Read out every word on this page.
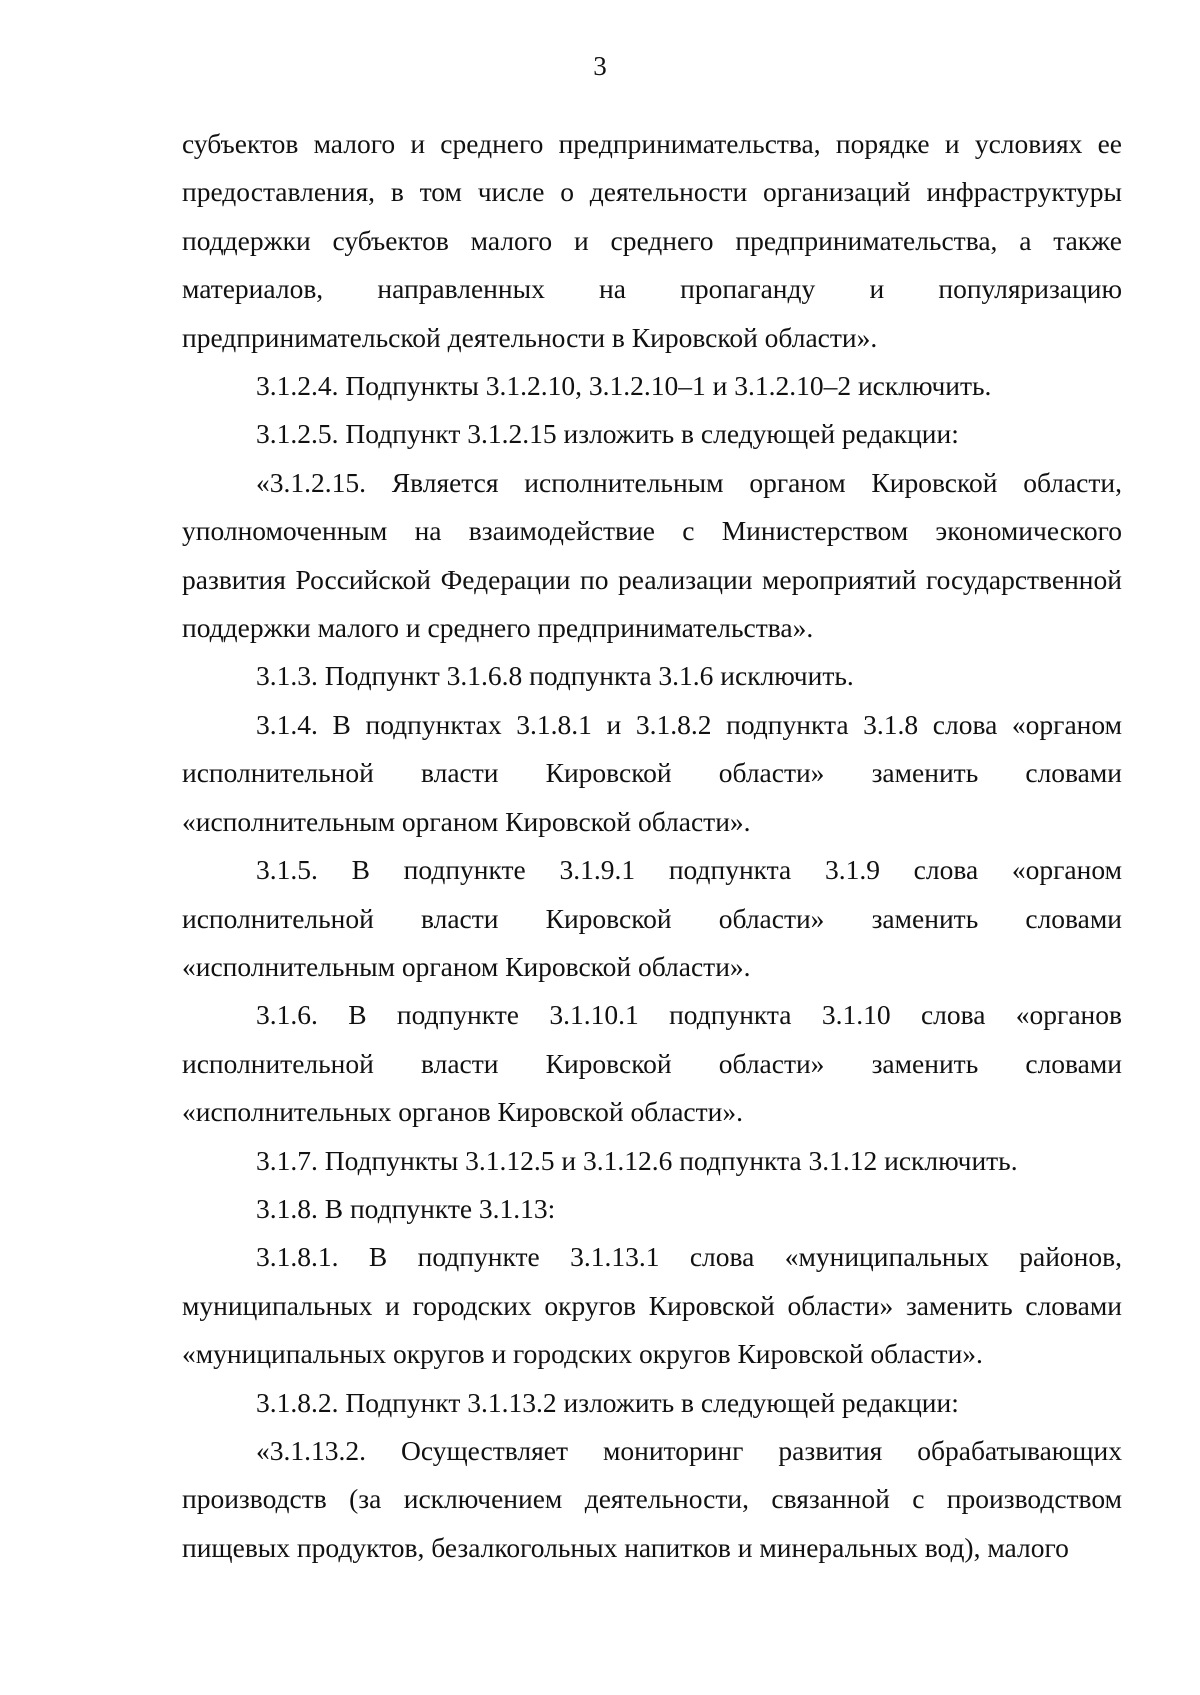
3

субъектов малого и среднего предпринимательства, порядке и условиях ее предоставления, в том числе о деятельности организаций инфраструктуры поддержки субъектов малого и среднего предпринимательства, а также материалов, направленных на пропаганду и популяризацию предпринимательской деятельности в Кировской области».

3.1.2.4. Подпункты 3.1.2.10, 3.1.2.10–1 и 3.1.2.10–2 исключить.

3.1.2.5. Подпункт 3.1.2.15 изложить в следующей редакции:

«3.1.2.15. Является исполнительным органом Кировской области, уполномоченным на взаимодействие с Министерством экономического развития Российской Федерации по реализации мероприятий государственной поддержки малого и среднего предпринимательства».

3.1.3. Подпункт 3.1.6.8 подпункта 3.1.6 исключить.

3.1.4. В подпунктах 3.1.8.1 и 3.1.8.2 подпункта 3.1.8 слова «органом исполнительной власти Кировской области» заменить словами «исполнительным органом Кировской области».

3.1.5. В подпункте 3.1.9.1 подпункта 3.1.9 слова «органом исполнительной власти Кировской области» заменить словами «исполнительным органом Кировской области».

3.1.6. В подпункте 3.1.10.1 подпункта 3.1.10 слова «органов исполнительной власти Кировской области» заменить словами «исполнительных органов Кировской области».

3.1.7. Подпункты 3.1.12.5 и 3.1.12.6 подпункта 3.1.12 исключить.

3.1.8. В подпункте 3.1.13:

3.1.8.1. В подпункте 3.1.13.1 слова «муниципальных районов, муниципальных и городских округов Кировской области» заменить словами «муниципальных округов и городских округов Кировской области».

3.1.8.2. Подпункт 3.1.13.2 изложить в следующей редакции:

«3.1.13.2. Осуществляет мониторинг развития обрабатывающих производств (за исключением деятельности, связанной с производством пищевых продуктов, безалкогольных напитков и минеральных вод), малого
